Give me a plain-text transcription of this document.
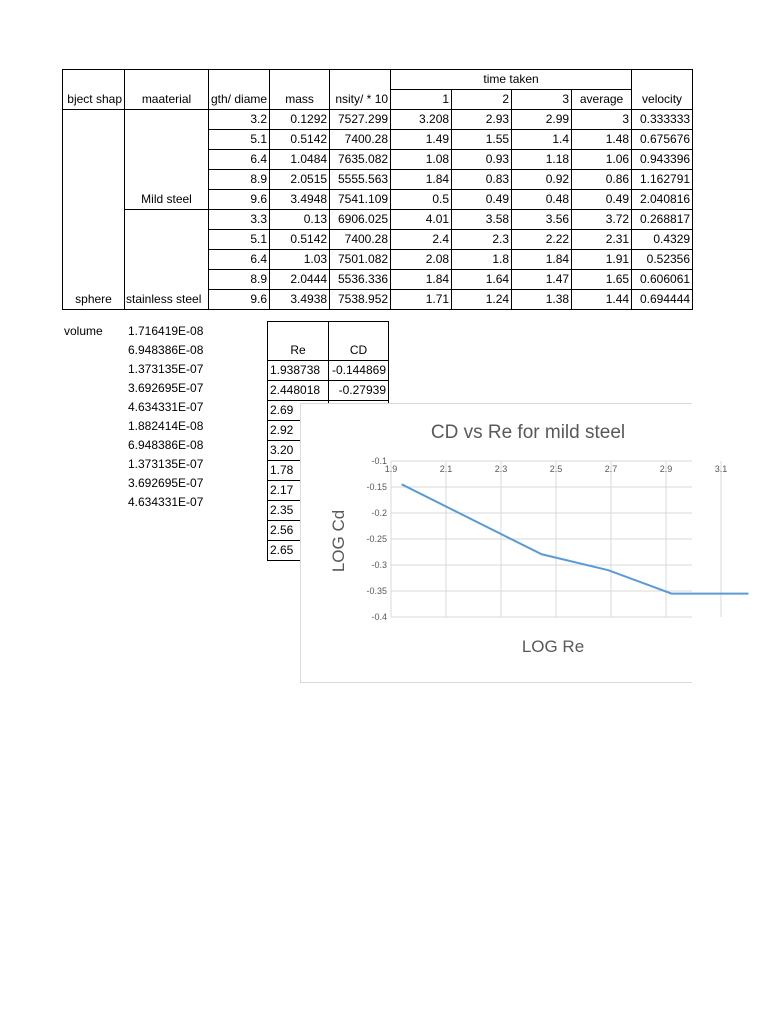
					time taken				
bject shap	maaterial	gth/ diame	mass	nsity/ * 10	1	2	3	average	velocity
		3.2	0.1292	7527.299	3.208	2.93	2.99	3	0.333333
		5.1	0.5142	7400.28	1.49	1.55	1.4	1.48	0.675676
		6.4	1.0484	7635.082	1.08	0.93	1.18	1.06	0.943396
		8.9	2.0515	5555.563	1.84	0.83	0.92	0.86	1.162791
	Mild steel	9.6	3.4948	7541.109	0.5	0.49	0.48	0.49	2.040816
		3.3	0.13	6906.025	4.01	3.58	3.56	3.72	0.268817
		5.1	0.5142	7400.28	2.4	2.3	2.22	2.31	0.4329
		6.4	1.03	7501.082	2.08	1.8	1.84	1.91	0.52356
		8.9	2.0444	5536.336	1.84	1.64	1.47	1.65	0.606061
sphere	stainless steel	9.6	3.4938	7538.952	1.71	1.24	1.38	1.44	0.694444
volume	1.716419E-08
6.948386E-08
1.373135E-07
3.692695E-07
4.634331E-07
1.882414E-08
6.948386E-08
1.373135E-07
3.692695E-07
4.634331E-07

Re	CD
1.938738	-0.144869
2.448018	-0.27939
2.69	
2.92	
3.20	
1.78	
2.17	
2.35	
2.56	
2.65	
CD vs Re for mild steel
LOG Cd
LOG Re
-0.1
-0.15
-0.2
-0.25
-0.3
-0.35
-0.4
1.9	2.1	2.3	2.5	2.7	2.9	3.1
